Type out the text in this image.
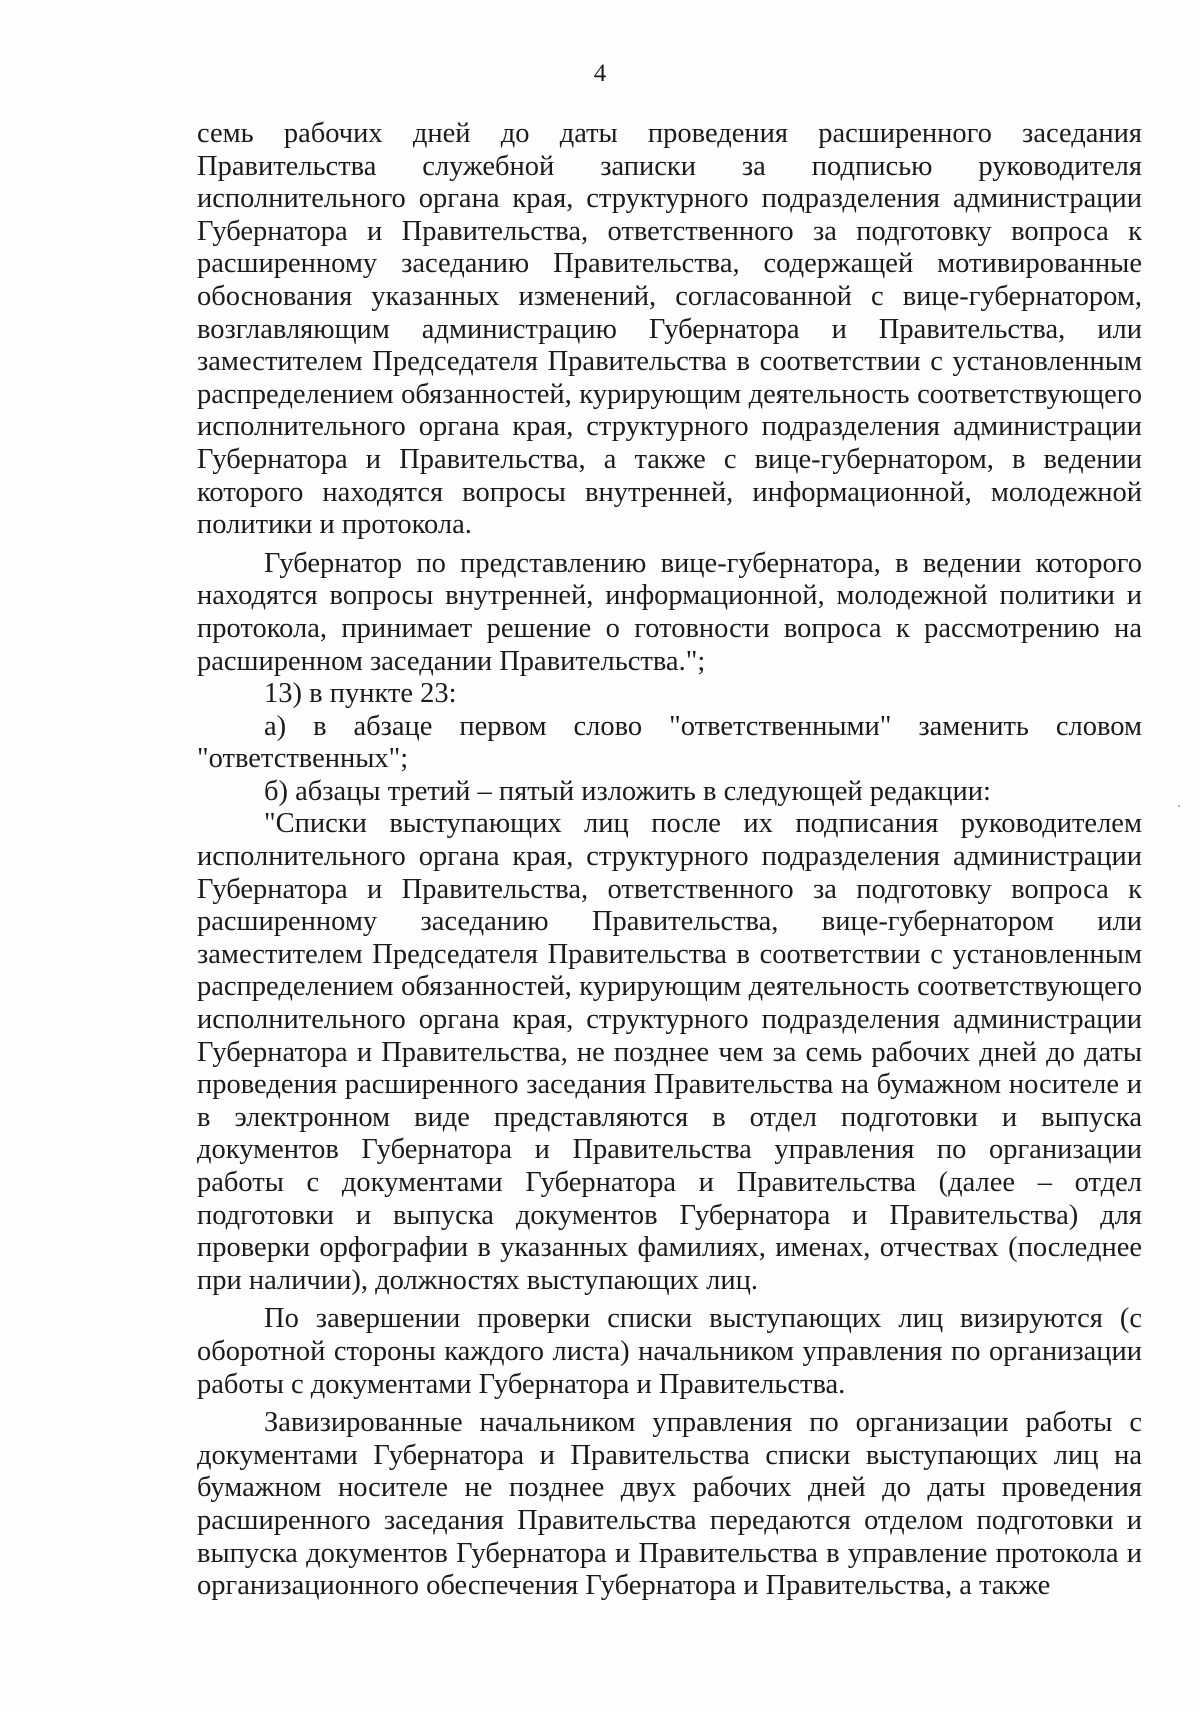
4

семь рабочих дней до даты проведения расширенного заседания Правительства служебной записки за подписью руководителя исполнительного органа края, структурного подразделения администрации Губернатора и Правительства, ответственного за подготовку вопроса к расширенному заседанию Правительства, содержащей мотивированные обоснования указанных изменений, согласованной с вице-губернатором, возглавляющим администрацию Губернатора и Правительства, или заместителем Председателя Правительства в соответствии с установленным распределением обязанностей, курирующим деятельность соответствующего исполнительного органа края, структурного подразделения администрации Губернатора и Правительства, а также с вице-губернатором, в ведении которого находятся вопросы внутренней, информационной, молодежной политики и протокола.

Губернатор по представлению вице-губернатора, в ведении которого находятся вопросы внутренней, информационной, молодежной политики и протокола, принимает решение о готовности вопроса к рассмотрению на расширенном заседании Правительства.";

13) в пункте 23:

а) в абзаце первом слово "ответственными" заменить словом "ответственных";

б) абзацы третий – пятый изложить в следующей редакции:

"Списки выступающих лиц после их подписания руководителем исполнительного органа края, структурного подразделения администрации Губернатора и Правительства, ответственного за подготовку вопроса к расширенному заседанию Правительства, вице-губернатором или заместителем Председателя Правительства в соответствии с установленным распределением обязанностей, курирующим деятельность соответствующего исполнительного органа края, структурного подразделения администрации Губернатора и Правительства, не позднее чем за семь рабочих дней до даты проведения расширенного заседания Правительства на бумажном носителе и в электронном виде представляются в отдел подготовки и выпуска документов Губернатора и Правительства управления по организации работы с документами Губернатора и Правительства (далее – отдел подготовки и выпуска документов Губернатора и Правительства) для проверки орфографии в указанных фамилиях, именах, отчествах (последнее при наличии), должностях выступающих лиц.

По завершении проверки списки выступающих лиц визируются (с оборотной стороны каждого листа) начальником управления по организации работы с документами Губернатора и Правительства.

Завизированные начальником управления по организации работы с документами Губернатора и Правительства списки выступающих лиц на бумажном носителе не позднее двух рабочих дней до даты проведения расширенного заседания Правительства передаются отделом подготовки и выпуска документов Губернатора и Правительства в управление протокола и организационного обеспечения Губернатора и Правительства, а также
